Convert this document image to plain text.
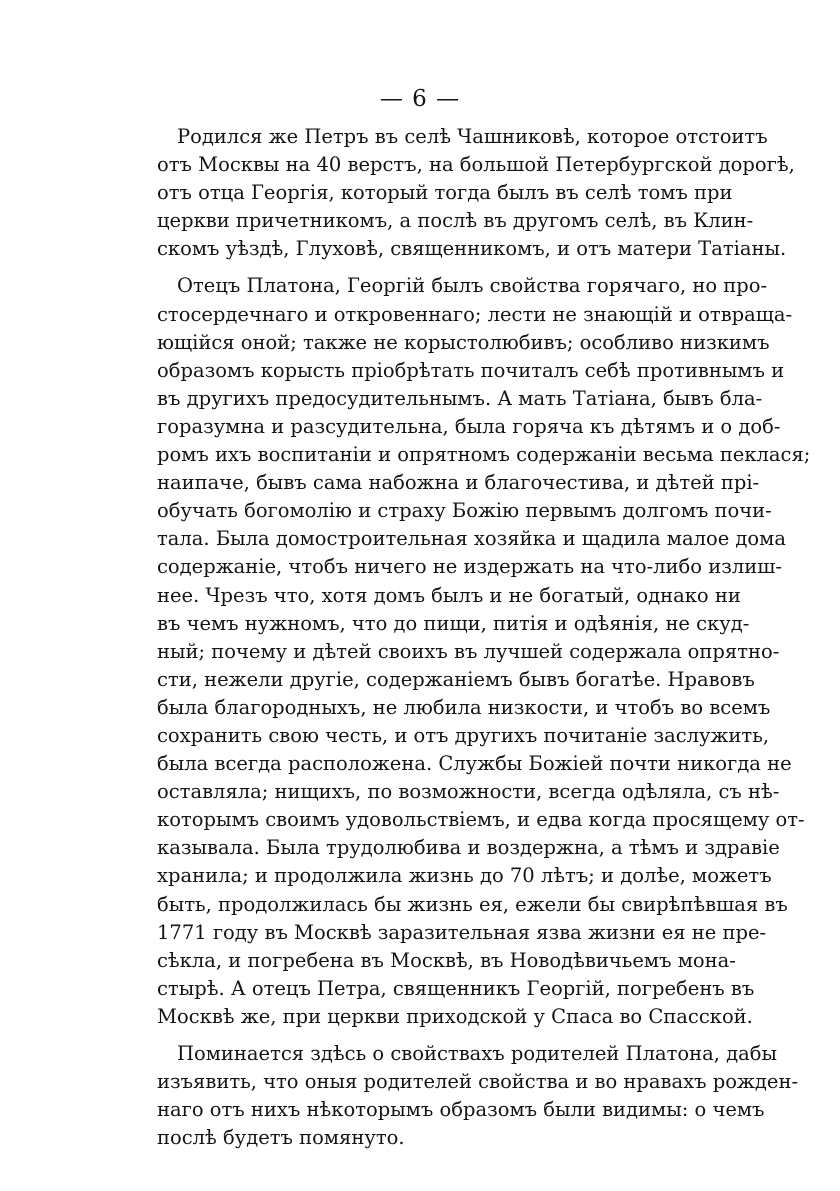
— 6 —
Родился же Петръ въ селѣ Чашниковѣ, которое отстоитъ
отъ Москвы на 40 верстъ, на большой Петербургской дорогѣ,
отъ отца Георгія, который тогда былъ въ селѣ томъ при
церкви причетникомъ, а послѣ въ другомъ селѣ, въ Клин-
скомъ уѣздѣ, Глуховѣ, священникомъ, и отъ матери Татіаны.
Отецъ Платона, Георгій былъ свойства горячаго, но про-
стосердечнаго и откровеннаго; лести не знающій и отвраща-
ющійся оной; также не корыстолюбивъ; особливо низкимъ
образомъ корысть пріобрѣтать почиталъ себѣ противнымъ и
въ другихъ предосудительнымъ. А мать Татіана, бывъ бла-
горазумна и разсудительна, была горяча къ дѣтямъ и о доб-
ромъ ихъ воспитаніи и опрятномъ содержаніи весьма пеклася;
наипаче, бывъ сама набожна и благочестива, и дѣтей прі-
обучать богомолію и страху Божію первымъ долгомъ почи-
тала. Была домостроительная хозяйка и щадила малое дома
содержаніе, чтобъ ничего не издержать на что-либо излиш-
нее. Чрезъ что, хотя домъ былъ и не богатый, однако ни
въ чемъ нужномъ, что до пищи, питія и одѣянія, не скуд-
ный; почему и дѣтей своихъ въ лучшей содержала опрятно-
сти, нежели другіе, содержаніемъ бывъ богатѣе. Нравовъ
была благородныхъ, не любила низкости, и чтобъ во всемъ
сохранить свою честь, и отъ другихъ почитаніе заслужить,
была всегда расположена. Службы Божіей почти никогда не
оставляла; нищихъ, по возможности, всегда одѣляла, съ нѣ-
которымъ своимъ удовольствіемъ, и едва когда просящему от-
казывала. Была трудолюбива и воздержна, а тѣмъ и здравіе
хранила; и продолжила жизнь до 70 лѣтъ; и долѣе, можетъ
быть, продолжилась бы жизнь ея, ежели бы свирѣпѣвшая въ
1771 году въ Москвѣ заразительная язва жизни ея не пре-
сѣкла, и погребена въ Москвѣ, въ Новодѣвичьемъ мона-
стырѣ. А отецъ Петра, священникъ Георгій, погребенъ въ
Москвѣ же, при церкви приходской у Спаса во Спасской.
Поминается здѣсь о свойствахъ родителей Платона, дабы
изъявить, что оныя родителей свойства и во нравахъ рожден-
наго отъ нихъ нѣкоторымъ образомъ были видимы: о чемъ
послѣ будетъ помянуто.
